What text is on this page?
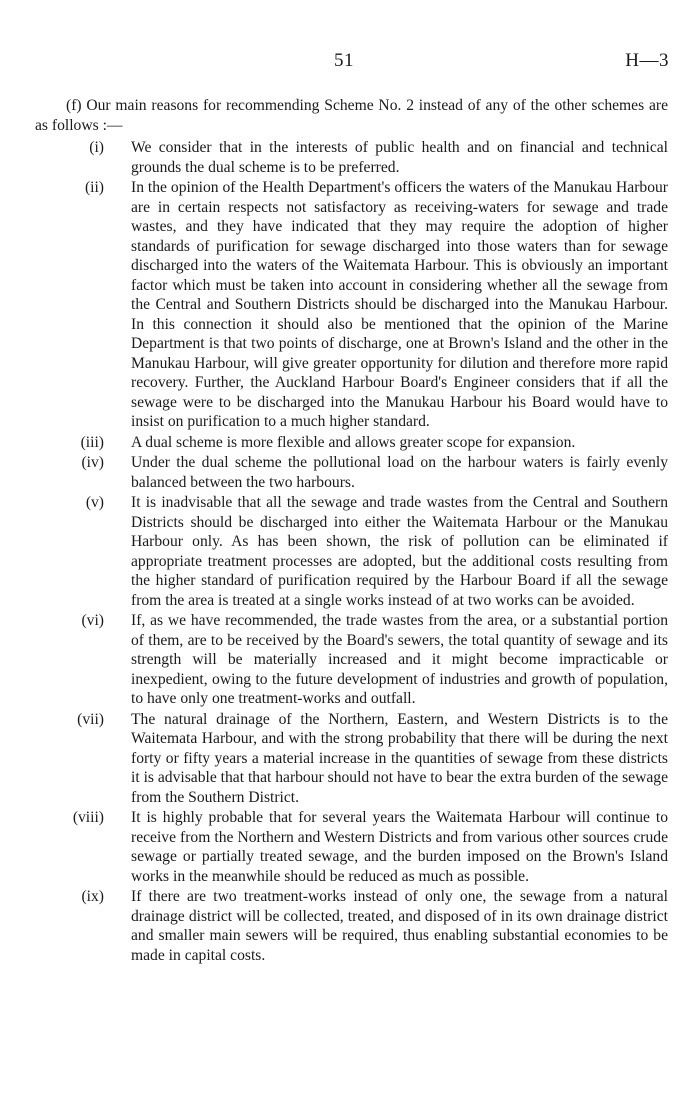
51	H—3

(f) Our main reasons for recommending Scheme No. 2 instead of any of the other schemes are as follows :—

(i)	We consider that in the interests of public health and on financial and technical grounds the dual scheme is to be preferred.
(ii)	In the opinion of the Health Department's officers the waters of the Manukau Harbour are in certain respects not satisfactory as receiving-waters for sewage and trade wastes, and they have indicated that they may require the adoption of higher standards of purification for sewage discharged into those waters than for sewage discharged into the waters of the Waitemata Harbour. This is obviously an important factor which must be taken into account in considering whether all the sewage from the Central and Southern Districts should be discharged into the Manukau Harbour. In this connection it should also be mentioned that the opinion of the Marine Department is that two points of discharge, one at Brown's Island and the other in the Manukau Harbour, will give greater opportunity for dilution and therefore more rapid recovery. Further, the Auckland Harbour Board's Engineer considers that if all the sewage were to be discharged into the Manukau Harbour his Board would have to insist on purification to a much higher standard.
(iii)	A dual scheme is more flexible and allows greater scope for expansion.
(iv)	Under the dual scheme the pollutional load on the harbour waters is fairly evenly balanced between the two harbours.
(v)	It is inadvisable that all the sewage and trade wastes from the Central and Southern Districts should be discharged into either the Waitemata Harbour or the Manukau Harbour only. As has been shown, the risk of pollution can be eliminated if appropriate treatment processes are adopted, but the additional costs resulting from the higher standard of purification required by the Harbour Board if all the sewage from the area is treated at a single works instead of at two works can be avoided.
(vi)	If, as we have recommended, the trade wastes from the area, or a substantial portion of them, are to be received by the Board's sewers, the total quantity of sewage and its strength will be materially increased and it might become impracticable or inexpedient, owing to the future development of industries and growth of population, to have only one treatment-works and outfall.
(vii)	The natural drainage of the Northern, Eastern, and Western Districts is to the Waitemata Harbour, and with the strong probability that there will be during the next forty or fifty years a material increase in the quantities of sewage from these districts it is advisable that that harbour should not have to bear the extra burden of the sewage from the Southern District.
(viii)	It is highly probable that for several years the Waitemata Harbour will continue to receive from the Northern and Western Districts and from various other sources crude sewage or partially treated sewage, and the burden imposed on the Brown's Island works in the meanwhile should be reduced as much as possible.
(ix)	If there are two treatment-works instead of only one, the sewage from a natural drainage district will be collected, treated, and disposed of in its own drainage district and smaller main sewers will be required, thus enabling substantial economies to be made in capital costs.
